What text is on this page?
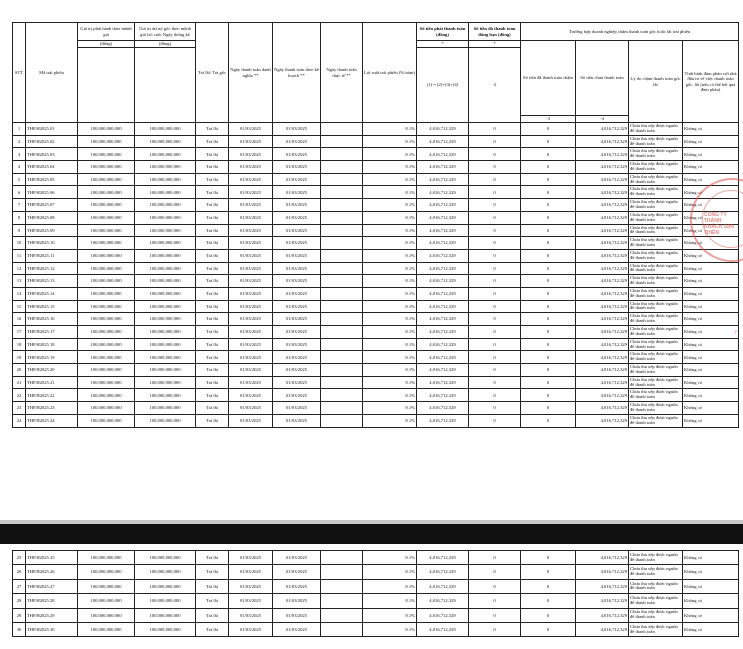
STT	Mã trái phiếu	Giá trị phát hành theo mệnh giá	Giá trị dư nợ gốc theo mệnh giá (số cuối Ngày thống kê	Trả lãi/ Trả gốc	Ngày thanh toán danh nghĩa **	Ngày thanh toán theo kế hoạch **	Ngày thanh toán thực tế **	Lợi suất trái phiếu (%/năm)	Số tiền phải thanh toán (đồng)	Số tiền đã thanh toán đúng hạn (đồng)	Trường hợp doanh nghiệp chậm thanh toán gốc hoặc lãi trái phiếu			
		(đồng)	(đồng)						*	*	Số tiền đã thanh toán chậm	Số tiền chưa thanh toán	Lý do chậm thanh toán gốc lãi	Tình hình đàm phán với nhà đầu tư về việc thanh toán gốc, lãi (nếu có thể kết quả đàm phán)
									(1) = (2)+(3)+(4)	-2				
											-3	-4		
1	THP.H2025.01	100,000,000,000	100,000,000,000	Trả lãi	01/03/2025	01/03/2025		8.1%	4,016,712,329	0	0	4,016,712,329	Chưa thu xếp được nguồn để thanh toán	Không có
2	THP.H2025.02	100,000,000,000	100,000,000,000	Trả lãi	01/03/2025	01/03/2025		8.1%	4,016,712,329	0	0	4,016,712,329	Chưa thu xếp được nguồn để thanh toán	Không có
3	THP.H2025.03	100,000,000,000	100,000,000,000	Trả lãi	01/03/2025	01/03/2025		8.1%	4,016,712,329	0	0	4,016,712,329	Chưa thu xếp được nguồn để thanh toán	Không có
4	THP.H2025.04	100,000,000,000	100,000,000,000	Trả lãi	01/03/2025	01/03/2025		8.1%	4,016,712,329	0	0	4,016,712,329	Chưa thu xếp được nguồn để thanh toán	Không có
5	THP.H2025.05	100,000,000,000	100,000,000,000	Trả lãi	01/03/2025	01/03/2025		8.1%	4,016,712,329	0	0	4,016,712,329	Chưa thu xếp được nguồn để thanh toán	Không có
6	THP.H2025.06	100,000,000,000	100,000,000,000	Trả lãi	01/03/2025	01/03/2025		8.1%	4,016,712,329	0	0	4,016,712,329	Chưa thu xếp được nguồn để thanh toán	Không có
7	THP.H2025.07	100,000,000,000	100,000,000,000	Trả lãi	01/03/2025	01/03/2025		8.1%	4,016,712,329	0	0	4,016,712,329	Chưa thu xếp được nguồn để thanh toán	Không có
8	THP.H2025.08	100,000,000,000	100,000,000,000	Trả lãi	01/03/2025	01/03/2025		8.1%	4,016,712,329	0	0	4,016,712,329	Chưa thu xếp được nguồn để thanh toán	Không có
9	THP.H2025.09	100,000,000,000	100,000,000,000	Trả lãi	01/03/2025	01/03/2025		8.1%	4,016,712,329	0	0	4,016,712,329	Chưa thu xếp được nguồn để thanh toán	Không có
10	THP.H2025.10	100,000,000,000	100,000,000,000	Trả lãi	01/03/2025	01/03/2025		8.1%	4,016,712,329	0	0	4,016,712,329	Chưa thu xếp được nguồn để thanh toán	Không có
11	THP.H2025.11	100,000,000,000	100,000,000,000	Trả lãi	01/03/2025	01/03/2025		8.1%	4,016,712,329	0	0	4,016,712,329	Chưa thu xếp được nguồn để thanh toán	Không có
12	THP.H2025.12	100,000,000,000	100,000,000,000	Trả lãi	01/03/2025	01/03/2025		8.1%	4,016,712,329	0	0	4,016,712,329	Chưa thu xếp được nguồn để thanh toán	Không có
13	THP.H2025.13	100,000,000,000	100,000,000,000	Trả lãi	01/03/2025	01/03/2025		8.1%	4,016,712,329	0	0	4,016,712,329	Chưa thu xếp được nguồn để thanh toán	Không có
14	THP.H2025.14	100,000,000,000	100,000,000,000	Trả lãi	01/03/2025	01/03/2025		8.1%	4,016,712,329	0	0	4,016,712,329	Chưa thu xếp được nguồn để thanh toán	Không có
15	THP.H2025.15	100,000,000,000	100,000,000,000	Trả lãi	01/03/2025	01/03/2025		8.1%	4,016,712,329	0	0	4,016,712,329	Chưa thu xếp được nguồn để thanh toán	Không có
16	THP.H2025.16	100,000,000,000	100,000,000,000	Trả lãi	01/03/2025	01/03/2025		8.1%	4,016,712,329	0	0	4,016,712,329	Chưa thu xếp được nguồn để thanh toán	Không có
17	THP.H2025.17	100,000,000,000	100,000,000,000	Trả lãi	01/03/2025	01/03/2025		8.1%	4,016,712,329	0	0	4,016,712,329	Chưa thu xếp được nguồn để thanh toán	Không có
18	THP.H2025.18	100,000,000,000	100,000,000,000	Trả lãi	01/03/2025	01/03/2025		8.1%	4,016,712,329	0	0	4,016,712,329	Chưa thu xếp được nguồn để thanh toán	Không có
19	THP.H2025.19	100,000,000,000	100,000,000,000	Trả lãi	01/03/2025	01/03/2025		8.1%	4,016,712,329	0	0	4,016,712,329	Chưa thu xếp được nguồn để thanh toán	Không có
20	THP.H2025.20	100,000,000,000	100,000,000,000	Trả lãi	01/03/2025	01/03/2025		8.1%	4,016,712,329	0	0	4,016,712,329	Chưa thu xếp được nguồn để thanh toán	Không có
21	THP.H2025.21	100,000,000,000	100,000,000,000	Trả lãi	01/03/2025	01/03/2025		8.1%	4,016,712,329	0	0	4,016,712,329	Chưa thu xếp được nguồn để thanh toán	Không có
22	THP.H2025.22	100,000,000,000	100,000,000,000	Trả lãi	01/03/2025	01/03/2025		8.1%	4,016,712,329	0	0	4,016,712,329	Chưa thu xếp được nguồn để thanh toán	Không có
23	THP.H2025.23	100,000,000,000	100,000,000,000	Trả lãi	01/03/2025	01/03/2025		8.1%	4,016,712,329	0	0	4,016,712,329	Chưa thu xếp được nguồn để thanh toán	Không có
24	THP.H2025.24	100,000,000,000	100,000,000,000	Trả lãi	01/03/2025	01/03/2025		8.1%	4,016,712,329	0	0	4,016,712,329	Chưa thu xếp được nguồn để thanh toán	Không có
25	THP.H2025.25	100,000,000,000	100,000,000,000	Trả lãi	01/03/2025	01/03/2025		8.1%	4,016,712,329	0	0	4,016,712,329	Chưa thu xếp được nguồn để thanh toán	Không có
26	THP.H2025.26	100,000,000,000	100,000,000,000	Trả lãi	01/03/2025	01/03/2025		8.1%	4,016,712,329	0	0	4,016,712,329	Chưa thu xếp được nguồn để thanh toán	Không có
27	THP.H2025.27	100,000,000,000	100,000,000,000	Trả lãi	01/03/2025	01/03/2025		8.1%	4,016,712,329	0	0	4,016,712,329	Chưa thu xếp được nguồn để thanh toán	Không có
28	THP.H2025.28	100,000,000,000	100,000,000,000	Trả lãi	01/03/2025	01/03/2025		8.1%	4,016,712,329	0	0	4,016,712,329	Chưa thu xếp được nguồn để thanh toán	Không có
29	THP.H2025.29	100,000,000,000	100,000,000,000	Trả lãi	01/03/2025	01/03/2025		8.1%	4,016,712,329	0	0	4,016,712,329	Chưa thu xếp được nguồn để thanh toán	Không có
30	THP.H2025.30	100,000,000,000	100,000,000,000	Trả lãi	01/03/2025	01/03/2025		8.1%	4,016,712,329	0	0	4,016,712,329	Chưa thu xếp được nguồn để thanh toán	Không có
CÔNG TY
THÀNH
KHÁCH SẠN
THIÊN
Y
